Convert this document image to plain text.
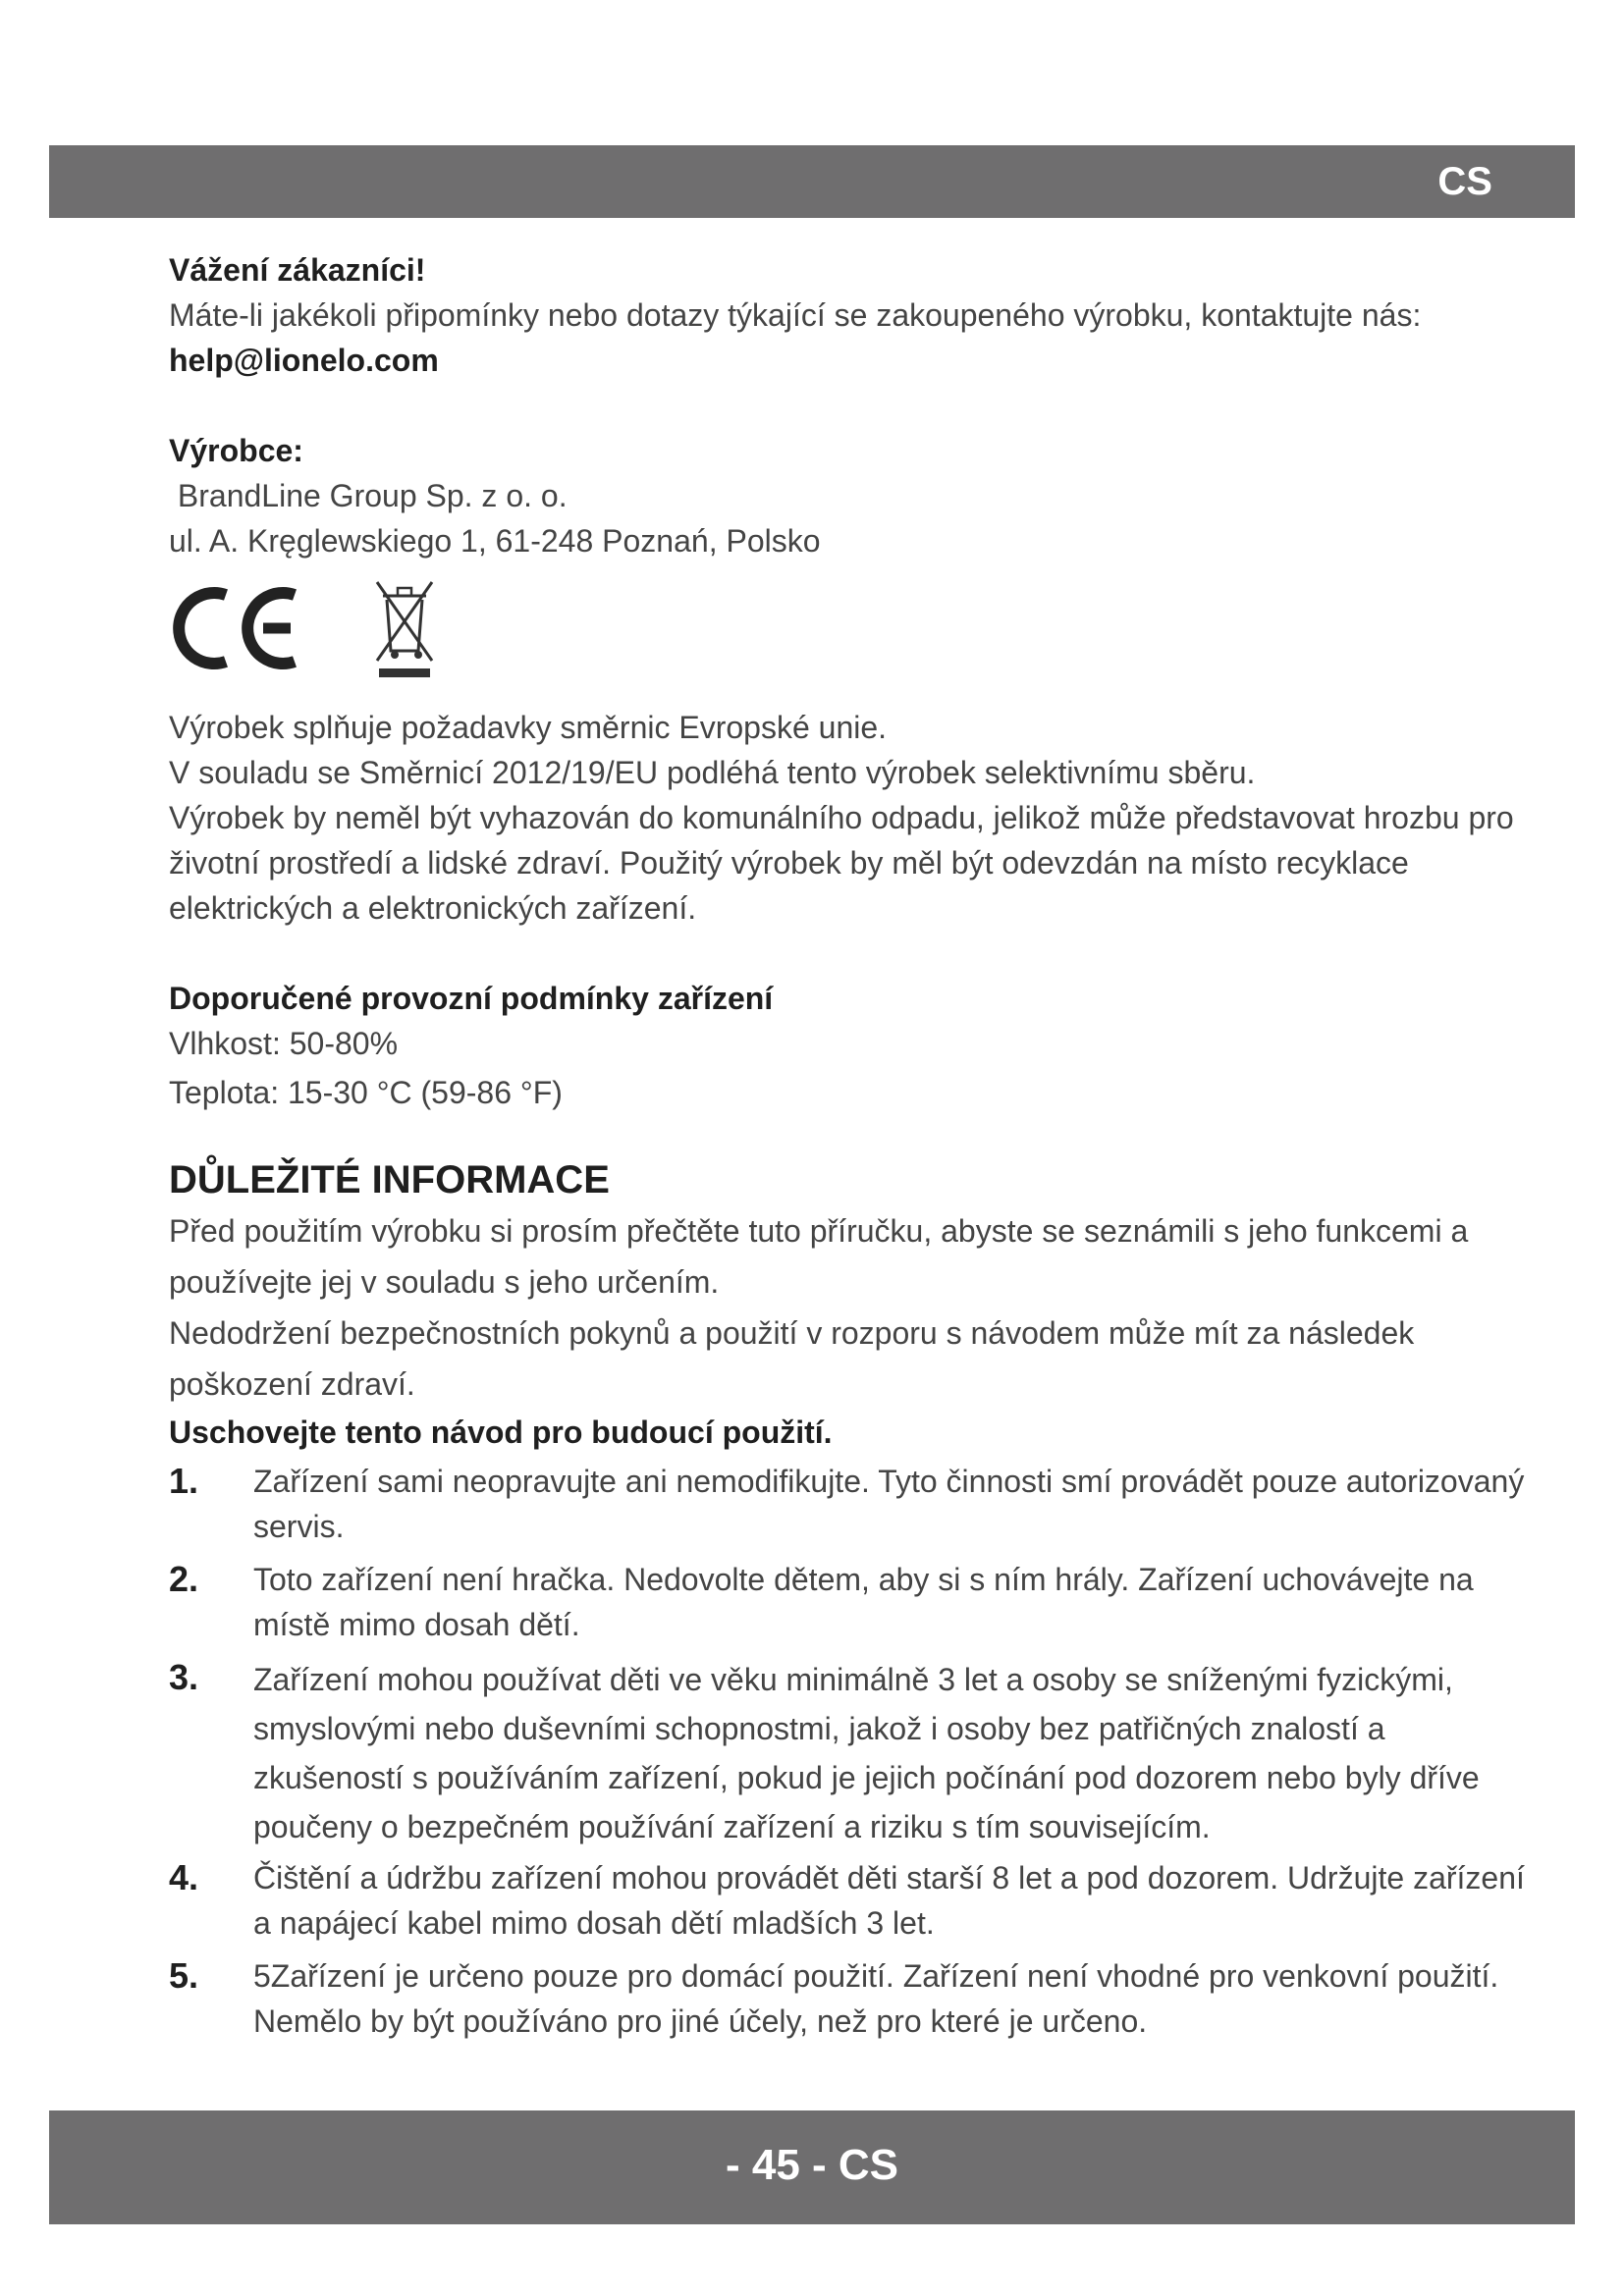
CS

Vážení zákazníci!

Máte-li jakékoli připomínky nebo dotazy týkající se zakoupeného výrobku, kontaktujte nás: help@lionelo.com

Výrobce:

BrandLine Group Sp. z o. o.

ul. A. Kręglewskiego 1, 61-248 Poznań, Polsko

Výrobek splňuje požadavky směrnic Evropské unie.

V souladu se Směrnicí 2012/19/EU podléhá tento výrobek selektivnímu sběru.

Výrobek by neměl být vyhazován do komunálního odpadu, jelikož může představovat hrozbu pro životní prostředí a lidské zdraví. Použitý výrobek by měl být odevzdán na místo recyklace elektrických a elektronických zařízení.

Doporučené provozní podmínky zařízení

Vlhkost: 50-80%

Teplota: 15-30 °C (59-86 °F)

DŮLEŽITÉ INFORMACE

Před použitím výrobku si prosím přečtěte tuto příručku, abyste se seznámili s jeho funkcemi a používejte jej v souladu s jeho určením.

Nedodržení bezpečnostních pokynů a použití v rozporu s návodem může mít za následek poškození zdraví.

Uschovejte tento návod pro budoucí použití.

1.	Zařízení sami neopravujte ani nemodifikujte. Tyto činnosti smí provádět pouze autorizovaný servis.
2.	Toto zařízení není hračka. Nedovolte dětem, aby si s ním hrály. Zařízení uchovávejte na místě mimo dosah dětí.
3.	Zařízení mohou používat děti ve věku minimálně 3 let a osoby se sníženými fyzickými, smyslovými nebo duševními schopnostmi, jakož i osoby bez patřičných znalostí a zkušeností s používáním zařízení, pokud je jejich počínání pod dozorem nebo byly dříve poučeny o bezpečném používání zařízení a riziku s tím souvisejícím.
4.	Čištění a údržbu zařízení mohou provádět děti starší 8 let a pod dozorem. Udržujte zařízení a napájecí kabel mimo dosah dětí mladších 3 let.
5.	5Zařízení je určeno pouze pro domácí použití. Zařízení není vhodné pro venkovní použití. Nemělo by být používáno pro jiné účely, než pro které je určeno.
- 45 - CS
